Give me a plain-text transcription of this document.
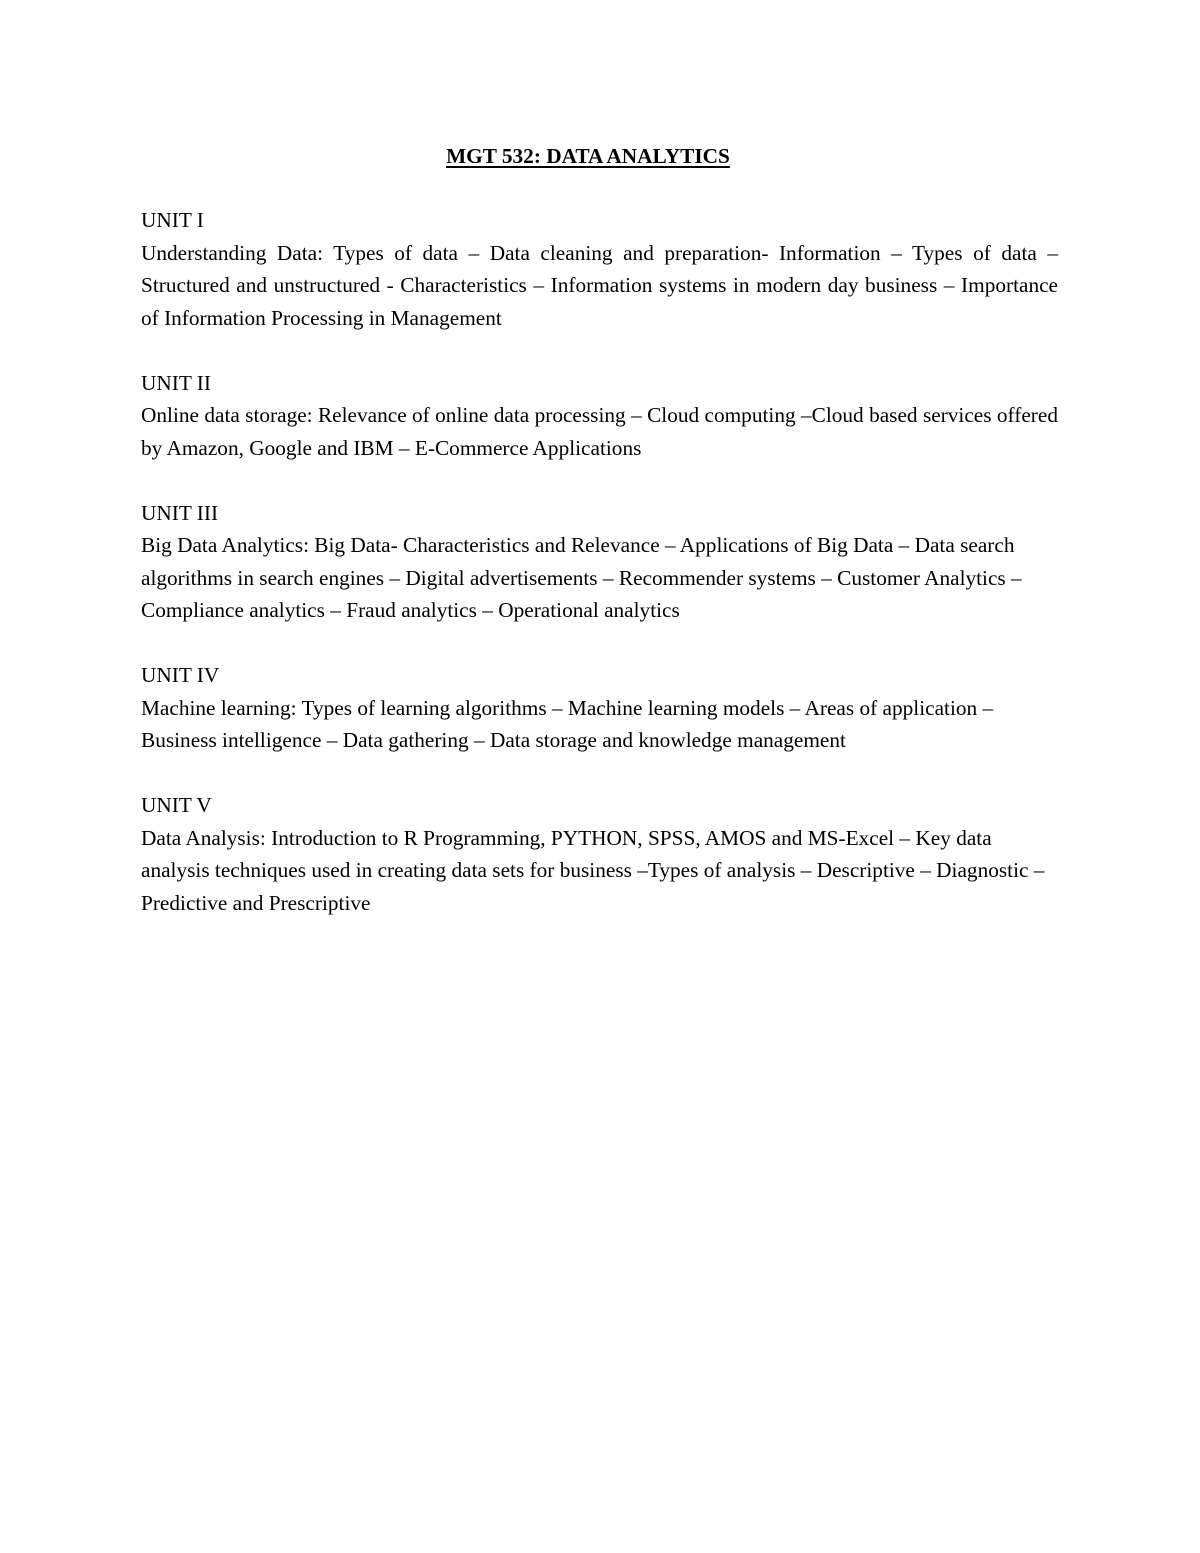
MGT 532: DATA ANALYTICS
UNIT I
Understanding Data: Types of data – Data cleaning and preparation- Information – Types of data – Structured and unstructured - Characteristics – Information systems in modern day business – Importance of Information Processing in Management
UNIT II
Online data storage: Relevance of online data processing – Cloud computing –Cloud based services offered by Amazon, Google and IBM – E-Commerce Applications
UNIT III
Big Data Analytics: Big Data- Characteristics and Relevance – Applications of Big Data – Data search algorithms in search engines – Digital advertisements – Recommender systems – Customer Analytics – Compliance analytics – Fraud analytics – Operational analytics
UNIT IV
Machine learning: Types of learning algorithms – Machine learning models – Areas of application – Business intelligence – Data gathering – Data storage and knowledge management
UNIT V
Data Analysis: Introduction to R Programming, PYTHON, SPSS, AMOS and MS-Excel – Key data analysis techniques used in creating data sets for business –Types of analysis – Descriptive – Diagnostic – Predictive and Prescriptive
